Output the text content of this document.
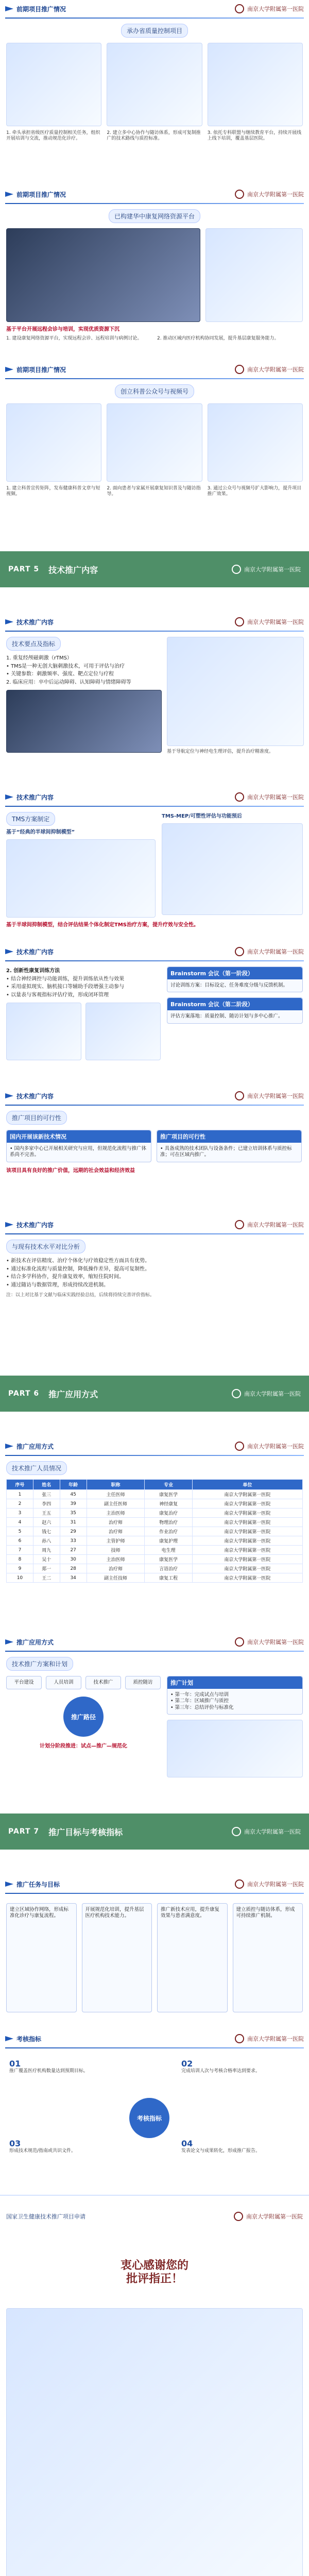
前期项目推广情况	南京大学附属第一医院
承办省质量控制项目
1. 牵头承担省级医疗质量控制相关任务，组织开展培训与交流，推动规范化诊疗。
2. 建立多中心协作与随访体系，形成可复制推广的技术路线与质控标准。
3. 依托专科联盟与继续教育平台，持续开展线上线下培训，覆盖基层医院。
前期项目推广情况	南京大学附属第一医院
已构建华中康复网络资源平台
基于平台开展远程会诊与培训，实现优质资源下沉
1. 建设康复网络资源平台，实现远程会诊、远程培训与病例讨论。	2. 推动区域内医疗机构协同发展，提升基层康复服务能力。
前期项目推广情况	南京大学附属第一医院
创立科普公众号与视频号
1. 建立科普宣传矩阵，发布健康科普文章与短视频。
2. 面向患者与家属开展康复知识普及与随访指导。
3. 通过公众号与视频号扩大影响力，提升项目推广效果。
PART 5 技术推广内容	南京大学附属第一医院
技术推广内容	南京大学附属第一医院
技术要点及指标
1. 重复经颅磁刺激（rTMS）
• TMS是一种无创大脑刺激技术，可用于评估与治疗
• 关键参数：刺激频率、强度、靶点定位与疗程
2. 临床应用：卒中后运动障碍、认知障碍与情绪障碍等
基于导航定位与神经电生理评估，提升治疗精准度。
技术推广内容	南京大学附属第一医院
TMS方案制定
基于“经典的半球间抑制模型”
TMS-MEP/可塑性评估与功能预后
基于半球间抑制模型，结合评估结果个体化制定TMS治疗方案，提升疗效与安全性。
技术推广内容	南京大学附属第一医院
2. 创新性康复训练方法
• 结合神经调控与功能训练，提升训练依从性与效果
• 采用虚拟现实、脑机接口等辅助手段增强主动参与
• 以量表与客观指标评估疗效，形成闭环管理
Brainstorm 会议（第一阶段）
讨论训练方案：目标设定、任务难度分级与反馈机制。
Brainstorm 会议（第二阶段）
评估方案落地：质量控制、随访计划与多中心推广。
技术推广内容	南京大学附属第一医院
推广项目的可行性
国内开展该新技术情况
• 国内多家中心已开展相关研究与应用，但规范化流程与推广体系尚不完善。
推广项目的可行性
• 具备成熟的技术团队与设备条件；已建立培训体系与质控标准；可在区域内推广。
该项目具有良好的推广价值，远期的社会效益和经济效益
技术推广内容	南京大学附属第一医院
与现有技术水平对比分析
• 新技术在评估精度、治疗个体化与疗效稳定性方面具有优势。
• 通过标准化流程与质量控制，降低操作差异，提高可复制性。
• 结合多学科协作，提升康复效率，缩短住院时间。
• 通过随访与数据管理，形成持续改进机制。
注：以上对比基于文献与临床实践经验总结，后续将持续完善评价指标。
PART 6 推广应用方式	南京大学附属第一医院
推广应用方式	南京大学附属第一医院
技术推广人员情况
序号	姓名	年龄	职称	专业	单位
1	张三	45	主任医师	康复医学	南京大学附属第一医院
2	李四	39	副主任医师	神经康复	南京大学附属第一医院
3	王五	35	主治医师	康复治疗	南京大学附属第一医院
4	赵六	31	治疗师	物理治疗	南京大学附属第一医院
5	钱七	29	治疗师	作业治疗	南京大学附属第一医院
6	孙八	33	主管护师	康复护理	南京大学附属第一医院
7	周九	27	技师	电生理	南京大学附属第一医院
8	吴十	30	主治医师	康复医学	南京大学附属第一医院
9	郑一	28	治疗师	言语治疗	南京大学附属第一医院
10	王二	34	副主任技师	康复工程	南京大学附属第一医院
推广应用方式	南京大学附属第一医院
技术推广方案和计划
平台建设	人员培训	技术推广	质控随访
推广路径
计划分阶段推进：试点—推广—规范化
推广计划
• 第一年：完成试点与培训
• 第二年：区域推广与质控
• 第三年：总结评价与标准化
PART 7 推广目标与考核指标	南京大学附属第一医院
推广任务与目标	南京大学附属第一医院
建立区域协作网络，形成标准化诊疗与康复流程。
开展规范化培训，提升基层医疗机构技术能力。
推广新技术应用，提升康复效果与患者满意度。
建立质控与随访体系，形成可持续推广机制。
考核指标	南京大学附属第一医院
考核指标
01
推广覆盖医疗机构数量达到预期目标。
02
完成培训人次与考核合格率达到要求。
03
形成技术规范/指南或共识文件。
04
发表论文与成果转化，形成推广报告。
国家卫生健康技术推广项目申请	南京大学附属第一医院
衷心感谢您的
批评指正！
